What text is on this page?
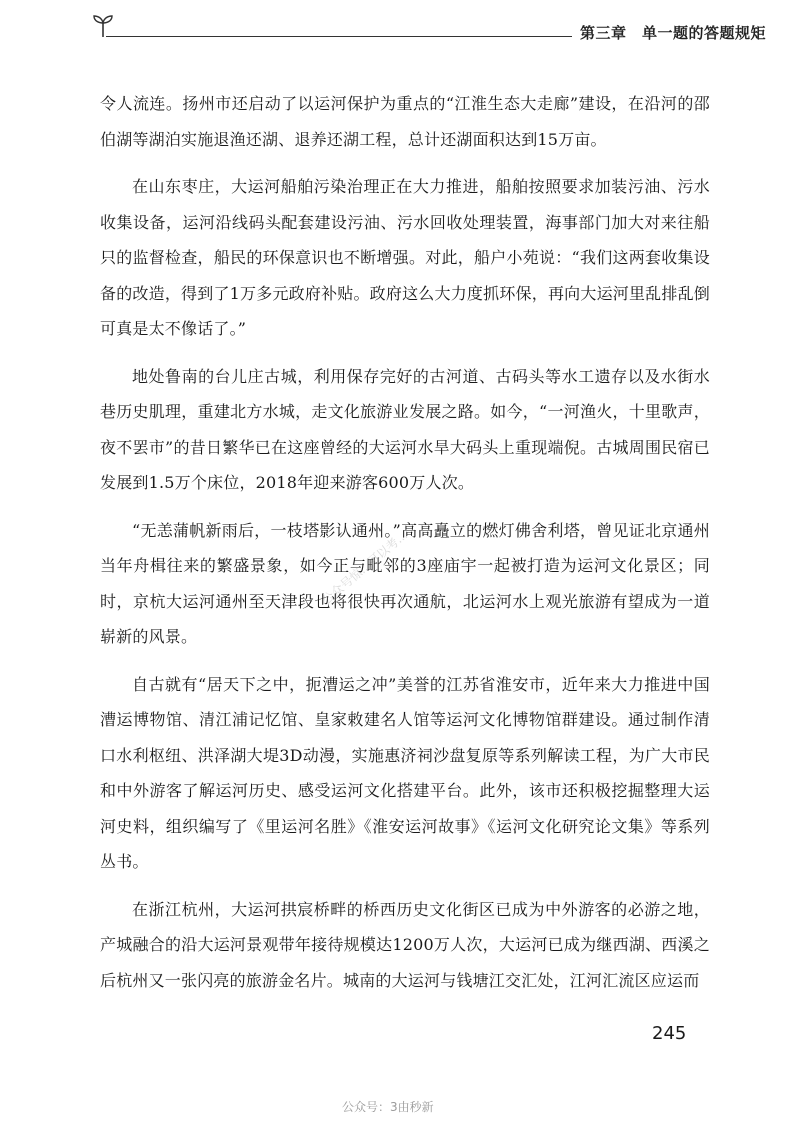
第三章　单一题的答题规矩

令人流连。扬州市还启动了以运河保护为重点的“江淮生态大走廊”建设，在沿河的邵伯湖等湖泊实施退渔还湖、退养还湖工程，总计还湖面积达到15万亩。

在山东枣庄，大运河船舶污染治理正在大力推进，船舶按照要求加装污油、污水收集设备，运河沿线码头配套建设污油、污水回收处理装置，海事部门加大对来往船只的监督检查，船民的环保意识也不断增强。对此，船户小苑说：“我们这两套收集设备的改造，得到了1万多元政府补贴。政府这么大力度抓环保，再向大运河里乱排乱倒可真是太不像话了。”

地处鲁南的台儿庄古城，利用保存完好的古河道、古码头等水工遗存以及水街水巷历史肌理，重建北方水城，走文化旅游业发展之路。如今，“一河渔火，十里歌声，夜不罢市”的昔日繁华已在这座曾经的大运河水旱大码头上重现端倪。古城周围民宿已发展到1.5万个床位，2018年迎来游客600万人次。

“无恙蒲帆新雨后，一枝塔影认通州。”高高矗立的燃灯佛舍利塔，曾见证北京通州当年舟楫往来的繁盛景象，如今正与毗邻的3座庙宇一起被打造为运河文化景区；同时，京杭大运河通州至天津段也将很快再次通航，北运河水上观光旅游有望成为一道崭新的风景。

自古就有“居天下之中，扼漕运之冲”美誉的江苏省淮安市，近年来大力推进中国漕运博物馆、清江浦记忆馆、皇家敕建名人馆等运河文化博物馆群建设。通过制作清口水利枢纽、洪泽湖大堤3D动漫，实施惠济祠沙盘复原等系列解读工程，为广大市民和中外游客了解运河历史、感受运河文化搭建平台。此外，该市还积极挖掘整理大运河史料，组织编写了《里运河名胜》《淮安运河故事》《运河文化研究论文集》等系列丛书。

在浙江杭州，大运河拱宸桥畔的桥西历史文化街区已成为中外游客的必游之地，产城融合的沿大运河景观带年接待规模达1200万人次，大运河已成为继西湖、西溪之后杭州又一张闪亮的旅游金名片。城南的大运河与钱塘江交汇处，江河汇流区应运而

公众号惊...可以考...
245
公众号：3由秒新
